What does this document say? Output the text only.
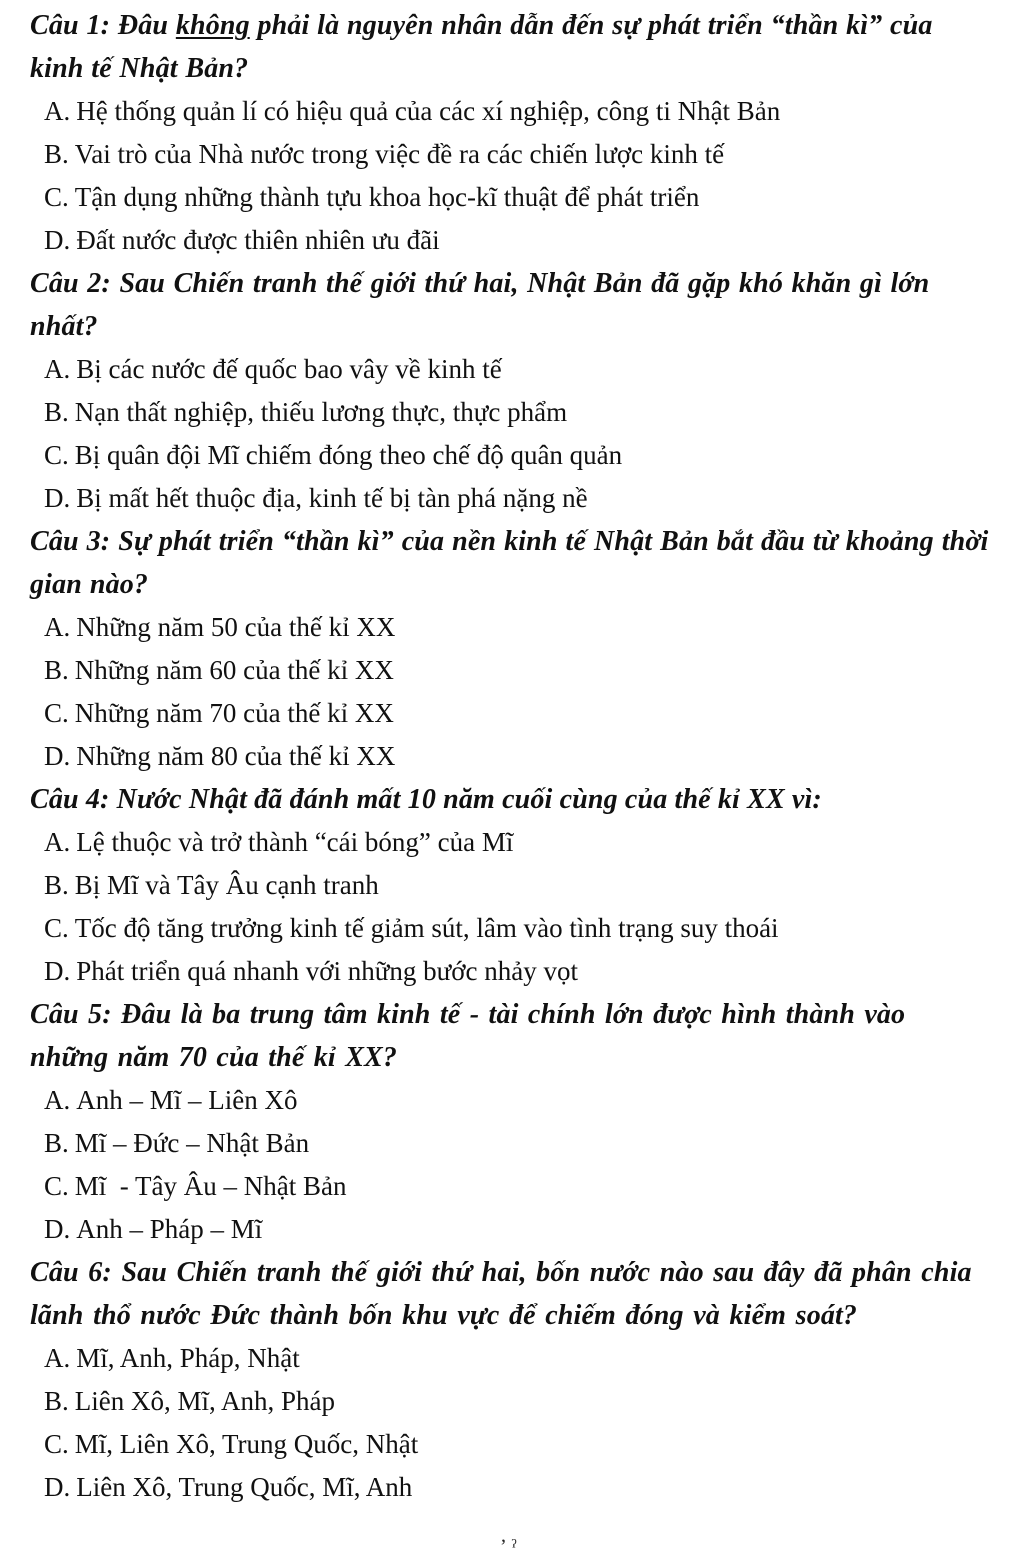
Câu 1: Đâu không phải là nguyên nhân dẫn đến sự phát triển “thần kì” của kinh tế Nhật Bản?

A. Hệ thống quản lí có hiệu quả của các xí nghiệp, công ti Nhật Bản

B. Vai trò của Nhà nước trong việc đề ra các chiến lược kinh tế

C. Tận dụng những thành tựu khoa học-kĩ thuật để phát triển

D. Đất nước được thiên nhiên ưu đãi

Câu 2: Sau Chiến tranh thế giới thứ hai, Nhật Bản đã gặp khó khăn gì lớn nhất?

A. Bị các nước đế quốc bao vây về kinh tế

B. Nạn thất nghiệp, thiếu lương thực, thực phẩm

C. Bị quân đội Mĩ chiếm đóng theo chế độ quân quản

D. Bị mất hết thuộc địa, kinh tế bị tàn phá nặng nề

Câu 3: Sự phát triển “thần kì” của nền kinh tế Nhật Bản bắt đầu từ khoảng thời gian nào?

A. Những năm 50 của thế kỉ XX

B. Những năm 60 của thế kỉ XX

C. Những năm 70 của thế kỉ XX

D. Những năm 80 của thế kỉ XX

Câu 4: Nước Nhật đã đánh mất 10 năm cuối cùng của thế kỉ XX vì:

A. Lệ thuộc và trở thành “cái bóng” của Mĩ

B. Bị Mĩ và Tây Âu cạnh tranh

C. Tốc độ tăng trưởng kinh tế giảm sút, lâm vào tình trạng suy thoái

D. Phát triển quá nhanh với những bước nhảy vọt

Câu 5: Đâu là ba trung tâm kinh tế - tài chính lớn được hình thành vào những năm 70 của thế kỉ XX?

A. Anh – Mĩ – Liên Xô

B. Mĩ – Đức – Nhật Bản

C. Mĩ  - Tây Âu – Nhật Bản

D. Anh – Pháp – Mĩ

Câu 6: Sau Chiến tranh thế giới thứ hai, bốn nước nào sau đây đã phân chia lãnh thổ nước Đức thành bốn khu vực để chiếm đóng và kiểm soát?

A. Mĩ, Anh, Pháp, Nhật

B. Liên Xô, Mĩ, Anh, Pháp

C. Mĩ, Liên Xô, Trung Quốc, Nhật

D. Liên Xô, Trung Quốc, Mĩ, Anh

ʼ ˀ
